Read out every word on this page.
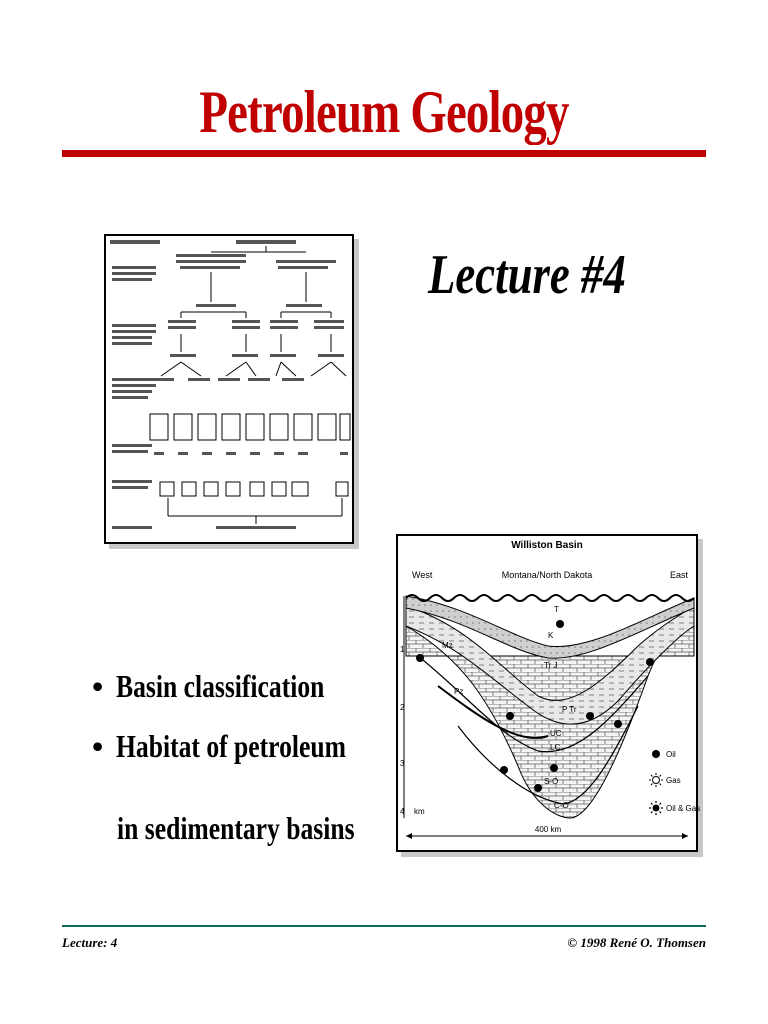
Petroleum Geology
Lecture #4
Williston Basin
West	Montana/North Dakota	East
1
2
3
4 km
T
K
Mz
Tr J
Pz
P Tr
UC
LC
S-O
C-O
Oil
Gas
Oil & Gas
400 km
• Basin classification
• Habitat of petroleum
in sedimentary basins
Lecture: 4	© 1998 René O. Thomsen
